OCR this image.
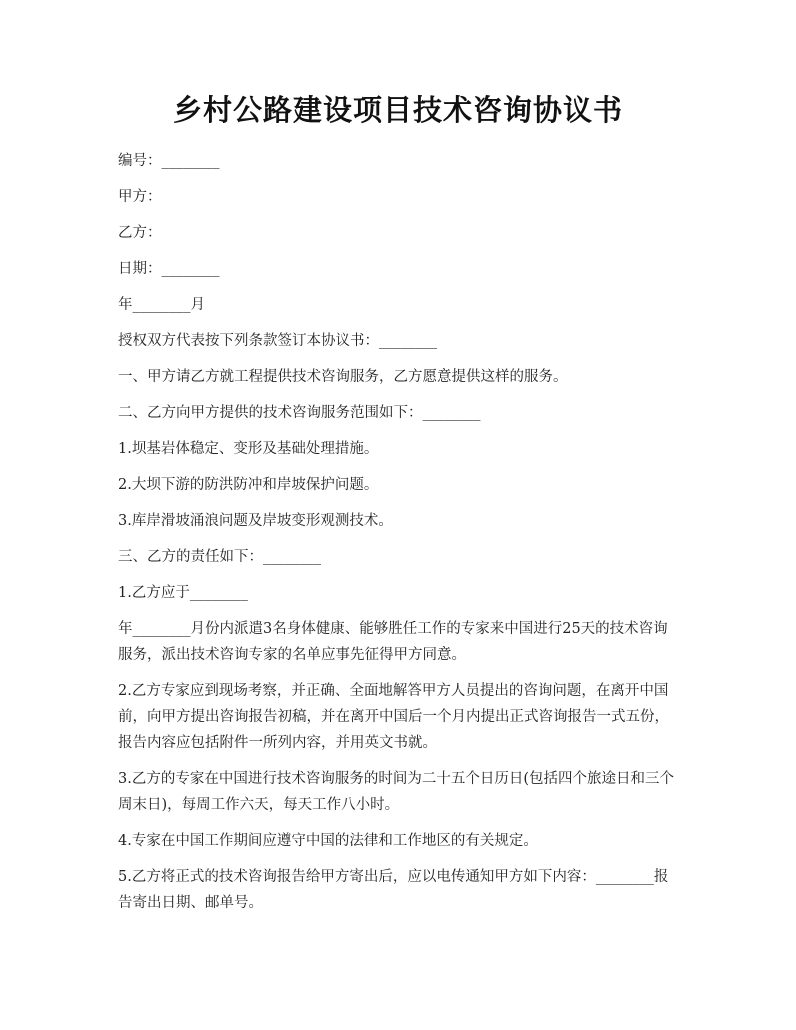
乡村公路建设项目技术咨询协议书

编号：________

甲方：

乙方：

日期：________

年________月

授权双方代表按下列条款签订本协议书：________

一、甲方请乙方就工程提供技术咨询服务，乙方愿意提供这样的服务。

二、乙方向甲方提供的技术咨询服务范围如下：________

1.坝基岩体稳定、变形及基础处理措施。

2.大坝下游的防洪防冲和岸坡保护问题。

3.库岸滑坡涌浪问题及岸坡变形观测技术。

三、乙方的责任如下：________

1.乙方应于________

年________月份内派遣3名身体健康、能够胜任工作的专家来中国进行25天的技术咨询服务，派出技术咨询专家的名单应事先征得甲方同意。

2.乙方专家应到现场考察，并正确、全面地解答甲方人员提出的咨询问题，在离开中国前，向甲方提出咨询报告初稿，并在离开中国后一个月内提出正式咨询报告一式五份，报告内容应包括附件一所列内容，并用英文书就。

3.乙方的专家在中国进行技术咨询服务的时间为二十五个日历日(包括四个旅途日和三个周末日)，每周工作六天，每天工作八小时。

4.专家在中国工作期间应遵守中国的法律和工作地区的有关规定。

5.乙方将正式的技术咨询报告给甲方寄出后，应以电传通知甲方如下内容：________报告寄出日期、邮单号。
